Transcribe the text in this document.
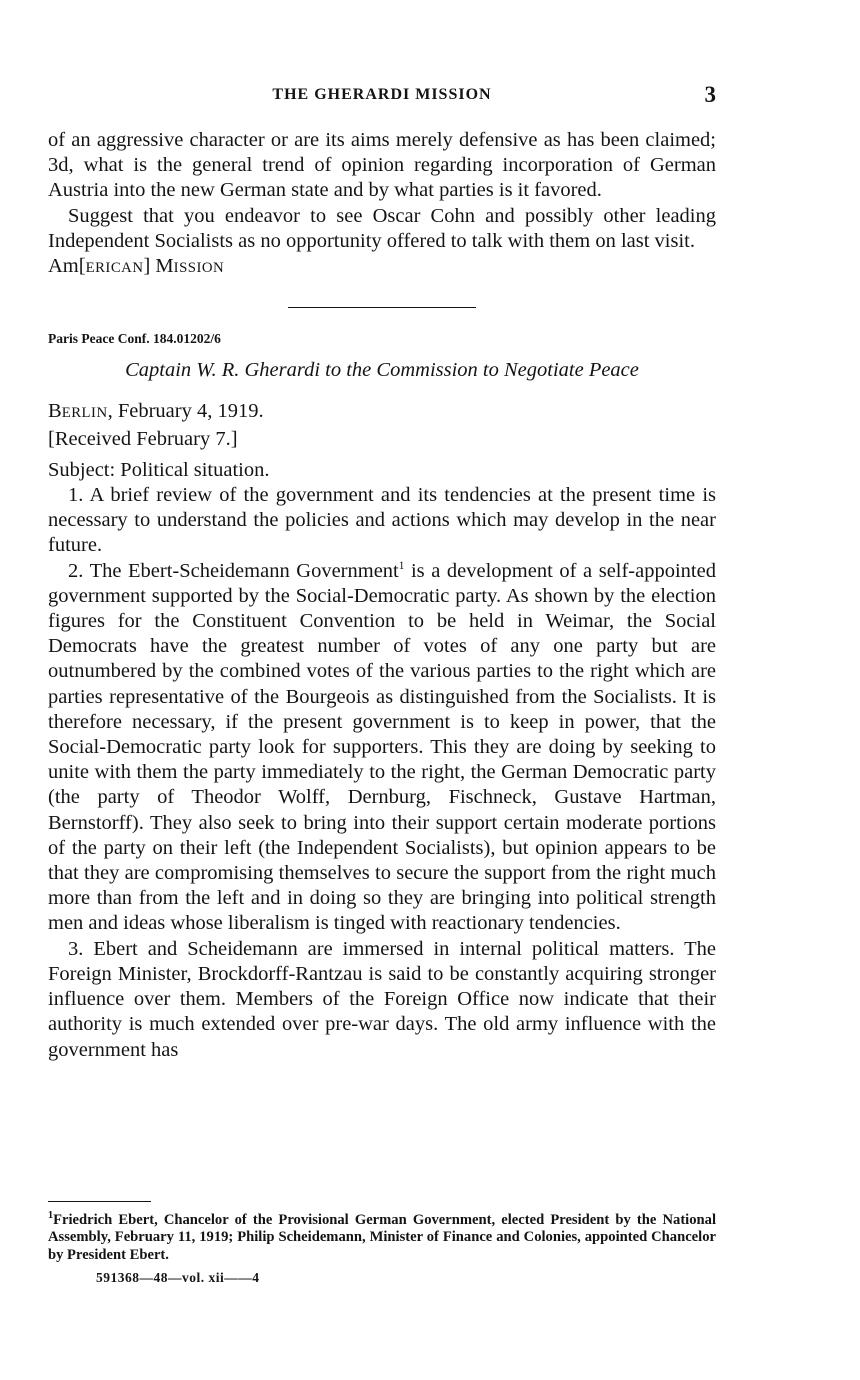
THE GHERARDI MISSION	3

of an aggressive character or are its aims merely defensive as has been claimed; 3d, what is the general trend of opinion regarding incorporation of German Austria into the new German state and by what parties is it favored.

Suggest that you endeavor to see Oscar Cohn and possibly other leading Independent Socialists as no opportunity offered to talk with them on last visit.

Am[ERICAN] MISSION

Paris Peace Conf. 184.01202/6

Captain W. R. Gherardi to the Commission to Negotiate Peace

BERLIN, February 4, 1919.

[Received February 7.]

Subject: Political situation.

1. A brief review of the government and its tendencies at the present time is necessary to understand the policies and actions which may develop in the near future.

2. The Ebert-Scheidemann Government$^1$ is a development of a self-appointed government supported by the Social-Democratic party. As shown by the election figures for the Constituent Convention to be held in Weimar, the Social Democrats have the greatest number of votes of any one party but are outnumbered by the combined votes of the various parties to the right which are parties representative of the Bourgeois as distinguished from the Socialists. It is therefore necessary, if the present government is to keep in power, that the Social-Democratic party look for supporters. This they are doing by seeking to unite with them the party immediately to the right, the German Democratic party (the party of Theodor Wolff, Dernburg, Fischneck, Gustave Hartman, Bernstorff). They also seek to bring into their support certain moderate portions of the party on their left (the Independent Socialists), but opinion appears to be that they are compromising themselves to secure the support from the right much more than from the left and in doing so they are bringing into political strength men and ideas whose liberalism is tinged with reactionary tendencies.

3. Ebert and Scheidemann are immersed in internal political matters. The Foreign Minister, Brockdorff-Rantzau is said to be constantly acquiring stronger influence over them. Members of the Foreign Office now indicate that their authority is much extended over pre-war days. The old army influence with the government has

$^1$Friedrich Ebert, Chancelor of the Provisional German Government, elected President by the National Assembly, February 11, 1919; Philip Scheidemann, Minister of Finance and Colonies, appointed Chancelor by President Ebert.
591368—48—vol. xii——4
